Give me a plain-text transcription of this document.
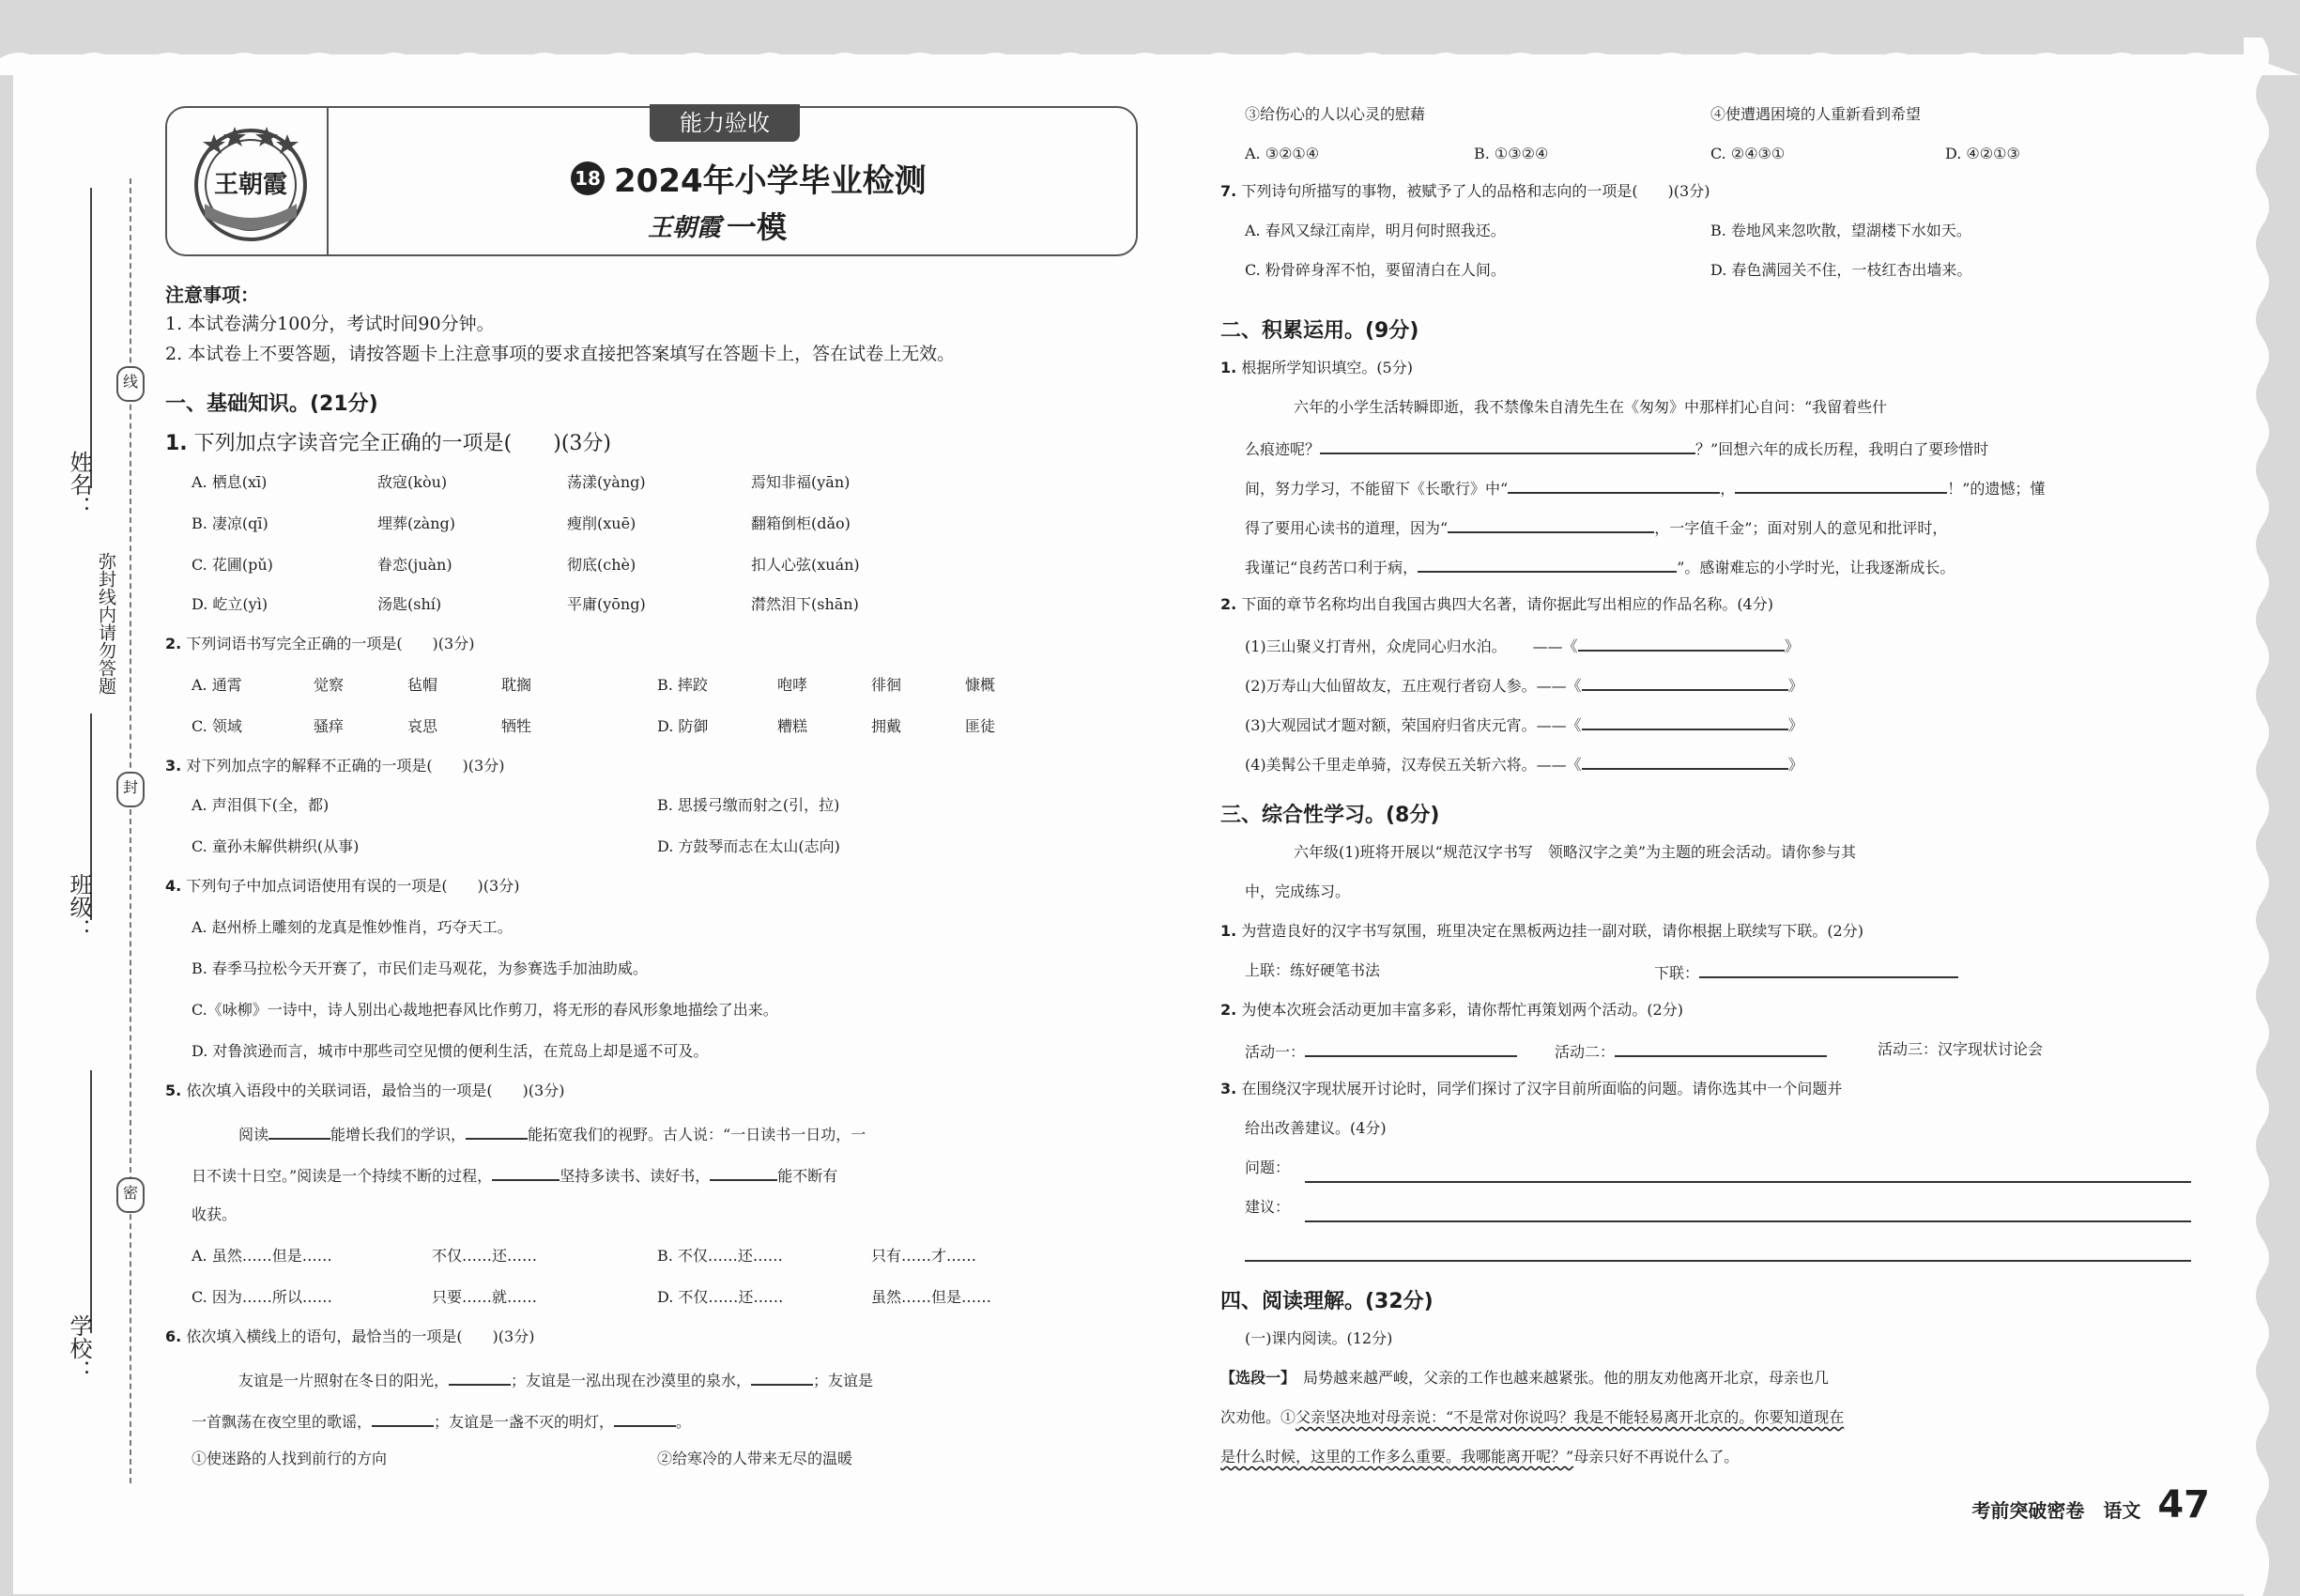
姓名：
班级：
学校：
弥封线内请勿答题
线
封
密
能力验收
王朝霞	18 2024年小学毕业检测
王朝霞 一模
注意事项：
1. 本试卷满分100分，考试时间90分钟。
2. 本试卷上不要答题，请按答题卡上注意事项的要求直接把答案填写在答题卡上，答在试卷上无效。
一、基础知识。(21分)
1. 下列加点字读音完全正确的一项是(　　)(3分)
A. 栖息(xī)	敌寇(kòu)	荡漾(yàng)	焉知非福(yān)
B. 凄凉(qī)	埋葬(zàng)	瘦削(xuē)	翻箱倒柜(dǎo)
C. 花圃(pǔ)	眷恋(juàn)	彻底(chè)	扣人心弦(xuán)
D. 屹立(yì)	汤匙(shí)	平庸(yōng)	潸然泪下(shān)
2. 下列词语书写完全正确的一项是(　　)(3分)
A. 通霄	觉察	毡帽	耽搁	B. 摔跤	咆哮	徘徊	慷概
C. 领域	骚痒	哀思	牺牲	D. 防御	糟糕	拥戴	匪徒
3. 对下列加点字的解释不正确的一项是(　　)(3分)
A. 声泪俱下(全，都)	B. 思援弓缴而射之(引，拉)
C. 童孙未解供耕织(从事)	D. 方鼓琴而志在太山(志向)
4. 下列句子中加点词语使用有误的一项是(　　)(3分)
A. 赵州桥上雕刻的龙真是惟妙惟肖，巧夺天工。
B. 春季马拉松今天开赛了，市民们走马观花，为参赛选手加油助威。
C.《咏柳》一诗中，诗人别出心裁地把春风比作剪刀，将无形的春风形象地描绘了出来。
D. 对鲁滨逊而言，城市中那些司空见惯的便利生活，在荒岛上却是遥不可及。
5. 依次填入语段中的关联词语，最恰当的一项是(　　)(3分)
阅读	能增长我们的学识，	能拓宽我们的视野。古人说：“一日读书一日功，一
日不读十日空。”阅读是一个持续不断的过程，	坚持多读书、读好书，	能不断有
收获。
A. 虽然……但是……	不仅……还……	B. 不仅……还……	只有……才……
C. 因为……所以……	只要……就……	D. 不仅……还……	虽然……但是……
6. 依次填入横线上的语句，最恰当的一项是(　　)(3分)
友谊是一片照射在冬日的阳光，	；友谊是一泓出现在沙漠里的泉水，	；友谊是
一首飘荡在夜空里的歌谣，	；友谊是一盏不灭的明灯，	。
①使迷路的人找到前行的方向	②给寒冷的人带来无尽的温暖
③给伤心的人以心灵的慰藉	④使遭遇困境的人重新看到希望
A. ③②①④	B. ①③②④	C. ②④③①	D. ④②①③
7. 下列诗句所描写的事物，被赋予了人的品格和志向的一项是(　　)(3分)
A. 春风又绿江南岸，明月何时照我还。	B. 卷地风来忽吹散，望湖楼下水如天。
C. 粉骨碎身浑不怕，要留清白在人间。	D. 春色满园关不住，一枝红杏出墙来。
二、积累运用。(9分)
1. 根据所学知识填空。(5分)
六年的小学生活转瞬即逝，我不禁像朱自清先生在《匆匆》中那样扪心自问：“我留着些什
么痕迹呢？	？”回想六年的成长历程，我明白了要珍惜时
间，努力学习，不能留下《长歌行》中“	，	！”的遗憾；懂
得了要用心读书的道理，因为“	，一字值千金”；面对别人的意见和批评时，
我谨记“良药苦口利于病，	”。感谢难忘的小学时光，让我逐渐成长。
2. 下面的章节名称均出自我国古典四大名著，请你据此写出相应的作品名称。(4分)
(1)三山聚义打青州，众虎同心归水泊。 ——《	》
(2)万寿山大仙留故友，五庄观行者窃人参。——《	》
(3)大观园试才题对额，荣国府归省庆元宵。——《	》
(4)美髯公千里走单骑，汉寿侯五关斩六将。——《	》
三、综合性学习。(8分)
六年级(1)班将开展以“规范汉字书写　领略汉字之美”为主题的班会活动。请你参与其
中，完成练习。
1. 为营造良好的汉字书写氛围，班里决定在黑板两边挂一副对联，请你根据上联续写下联。(2分)
上联：练好硬笔书法	下联：
2. 为使本次班会活动更加丰富多彩，请你帮忙再策划两个活动。(2分)
活动一：	活动二：	活动三：汉字现状讨论会
3. 在围绕汉字现状展开讨论时，同学们探讨了汉字目前所面临的问题。请你选其中一个问题并
给出改善建议。(4分)
问题：
建议：
四、阅读理解。(32分)
(一)课内阅读。(12分)
【选段一】　 局势越来越严峻，父亲的工作也越来越紧张。他的朋友劝他离开北京，母亲也几
次劝他。①父亲坚决地对母亲说：“不是常对你说吗？我是不能轻易离开北京的。你要知道现在
是什么时候，这里的工作多么重要。我哪能离开呢？”母亲只好不再说什么了。
考前突破密卷　语文 47
